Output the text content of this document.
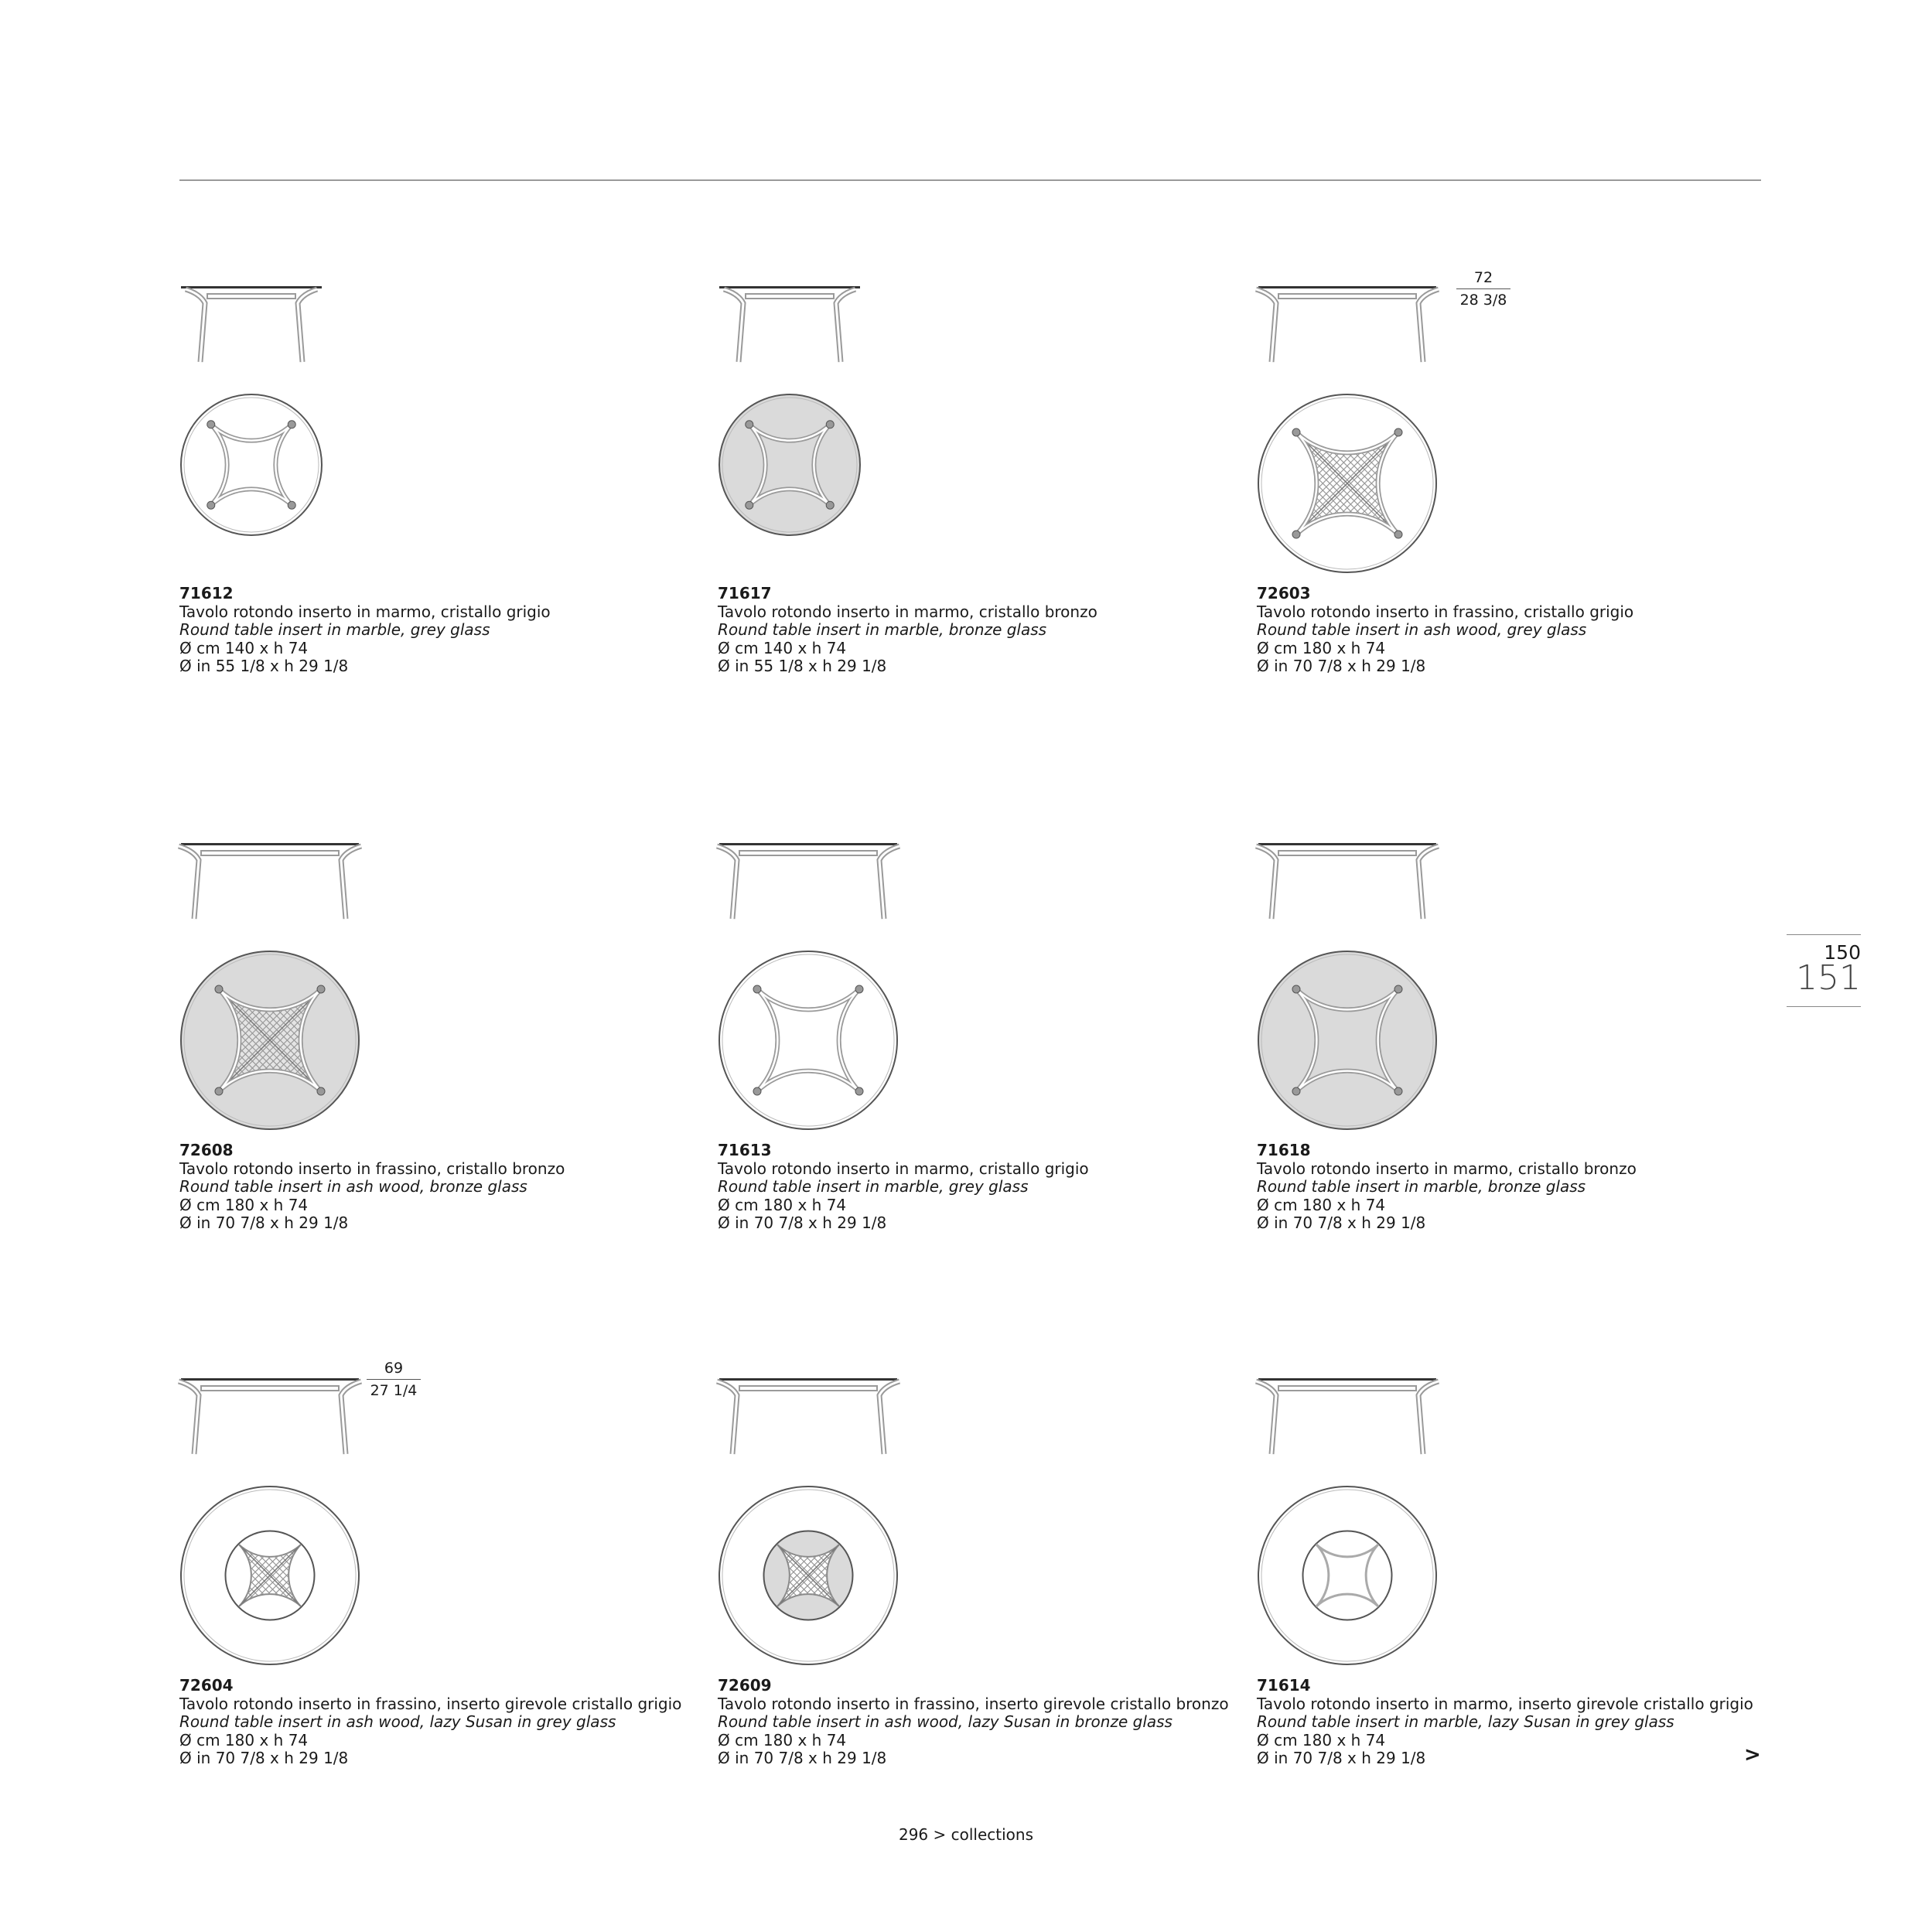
71612
Tavolo rotondo inserto in marmo, cristallo grigio
Round table insert in marble, grey glass
Ø cm 140 x h 74
Ø in 55 1/8 x h 29 1/8
71617
Tavolo rotondo inserto in marmo, cristallo bronzo
Round table insert in marble, bronze glass
Ø cm 140 x h 74
Ø in 55 1/8 x h 29 1/8
72
28 3/8
72603
Tavolo rotondo inserto in frassino, cristallo grigio
Round table insert in ash wood, grey glass
Ø cm 180 x h 74
Ø in 70 7/8 x h 29 1/8
72608
Tavolo rotondo inserto in frassino, cristallo bronzo
Round table insert in ash wood, bronze glass
Ø cm 180 x h 74
Ø in 70 7/8 x h 29 1/8
71613
Tavolo rotondo inserto in marmo, cristallo grigio
Round table insert in marble, grey glass
Ø cm 180 x h 74
Ø in 70 7/8 x h 29 1/8
71618
Tavolo rotondo inserto in marmo, cristallo bronzo
Round table insert in marble, bronze glass
Ø cm 180 x h 74
Ø in 70 7/8 x h 29 1/8
69
27 1/4
72604
Tavolo rotondo inserto in frassino, inserto girevole cristallo grigio
Round table insert in ash wood, lazy Susan in grey glass
Ø cm 180 x h 74
Ø in 70 7/8 x h 29 1/8
72609
Tavolo rotondo inserto in frassino, inserto girevole cristallo bronzo
Round table insert in ash wood, lazy Susan in bronze glass
Ø cm 180 x h 74
Ø in 70 7/8 x h 29 1/8
71614
Tavolo rotondo inserto in marmo, inserto girevole cristallo grigio
Round table insert in marble, lazy Susan in grey glass
Ø cm 180 x h 74
Ø in 70 7/8 x h 29 1/8
150
151
>
296 > collections
